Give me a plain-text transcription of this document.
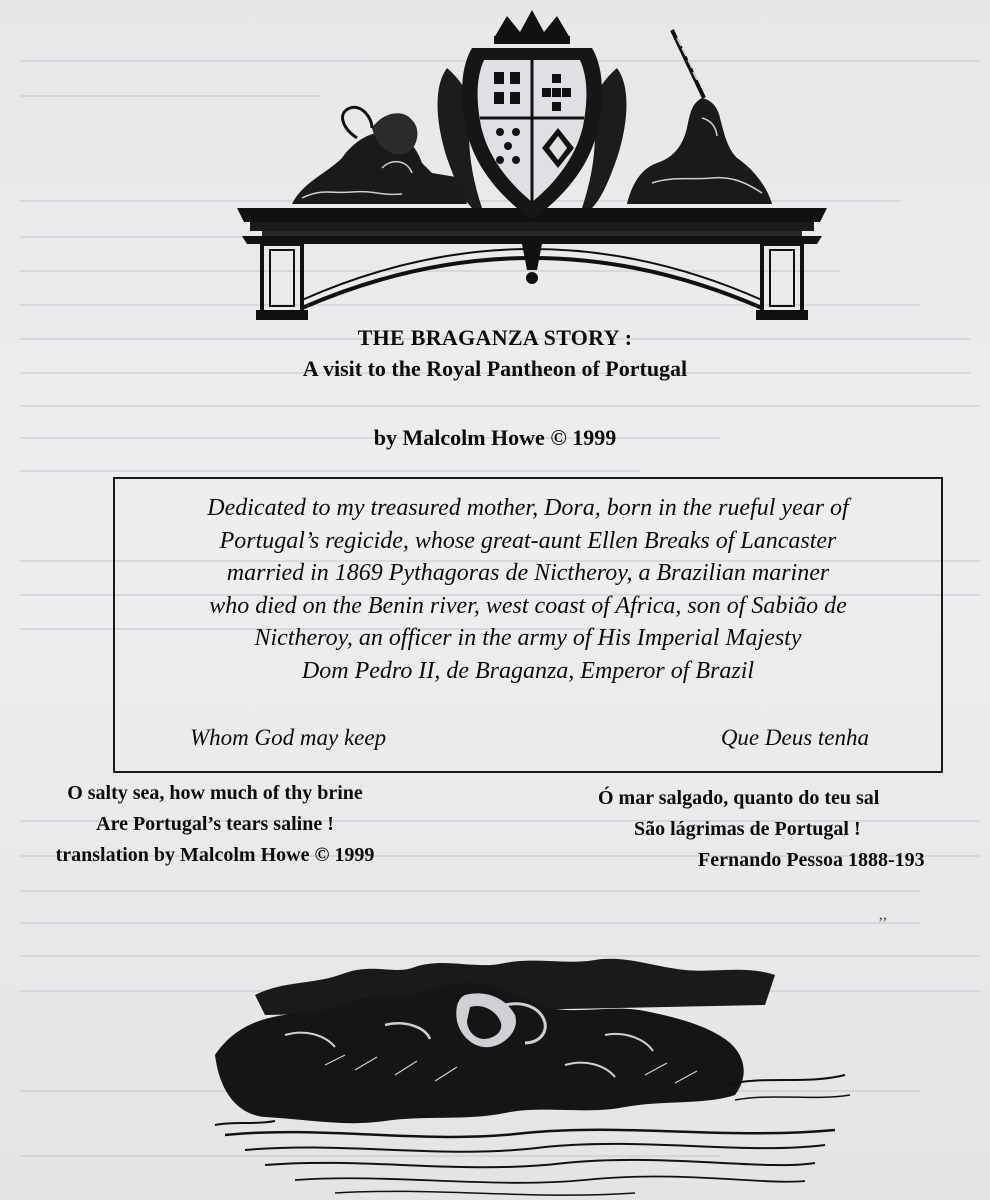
THE BRAGANZA STORY :
A visit to the Royal Pantheon of Portugal
by Malcolm Howe © 1999
Dedicated to my treasured mother, Dora, born in the rueful year of
Portugal’s regicide, whose great-aunt Ellen Breaks of Lancaster
married in 1869 Pythagoras de Nictheroy, a Brazilian mariner
who died on the Benin river, west coast of Africa, son of Sabião de
Nictheroy, an officer in the army of His Imperial Majesty
Dom Pedro II, de Braganza, Emperor of Brazil
Whom God may keep	Que Deus tenha
O salty sea, how much of thy brine
Are Portugal’s tears saline !
translation by Malcolm Howe © 1999
Ó mar salgado, quanto do teu sal
São lágrimas de Portugal !
Fernando Pessoa 1888-193
’’
